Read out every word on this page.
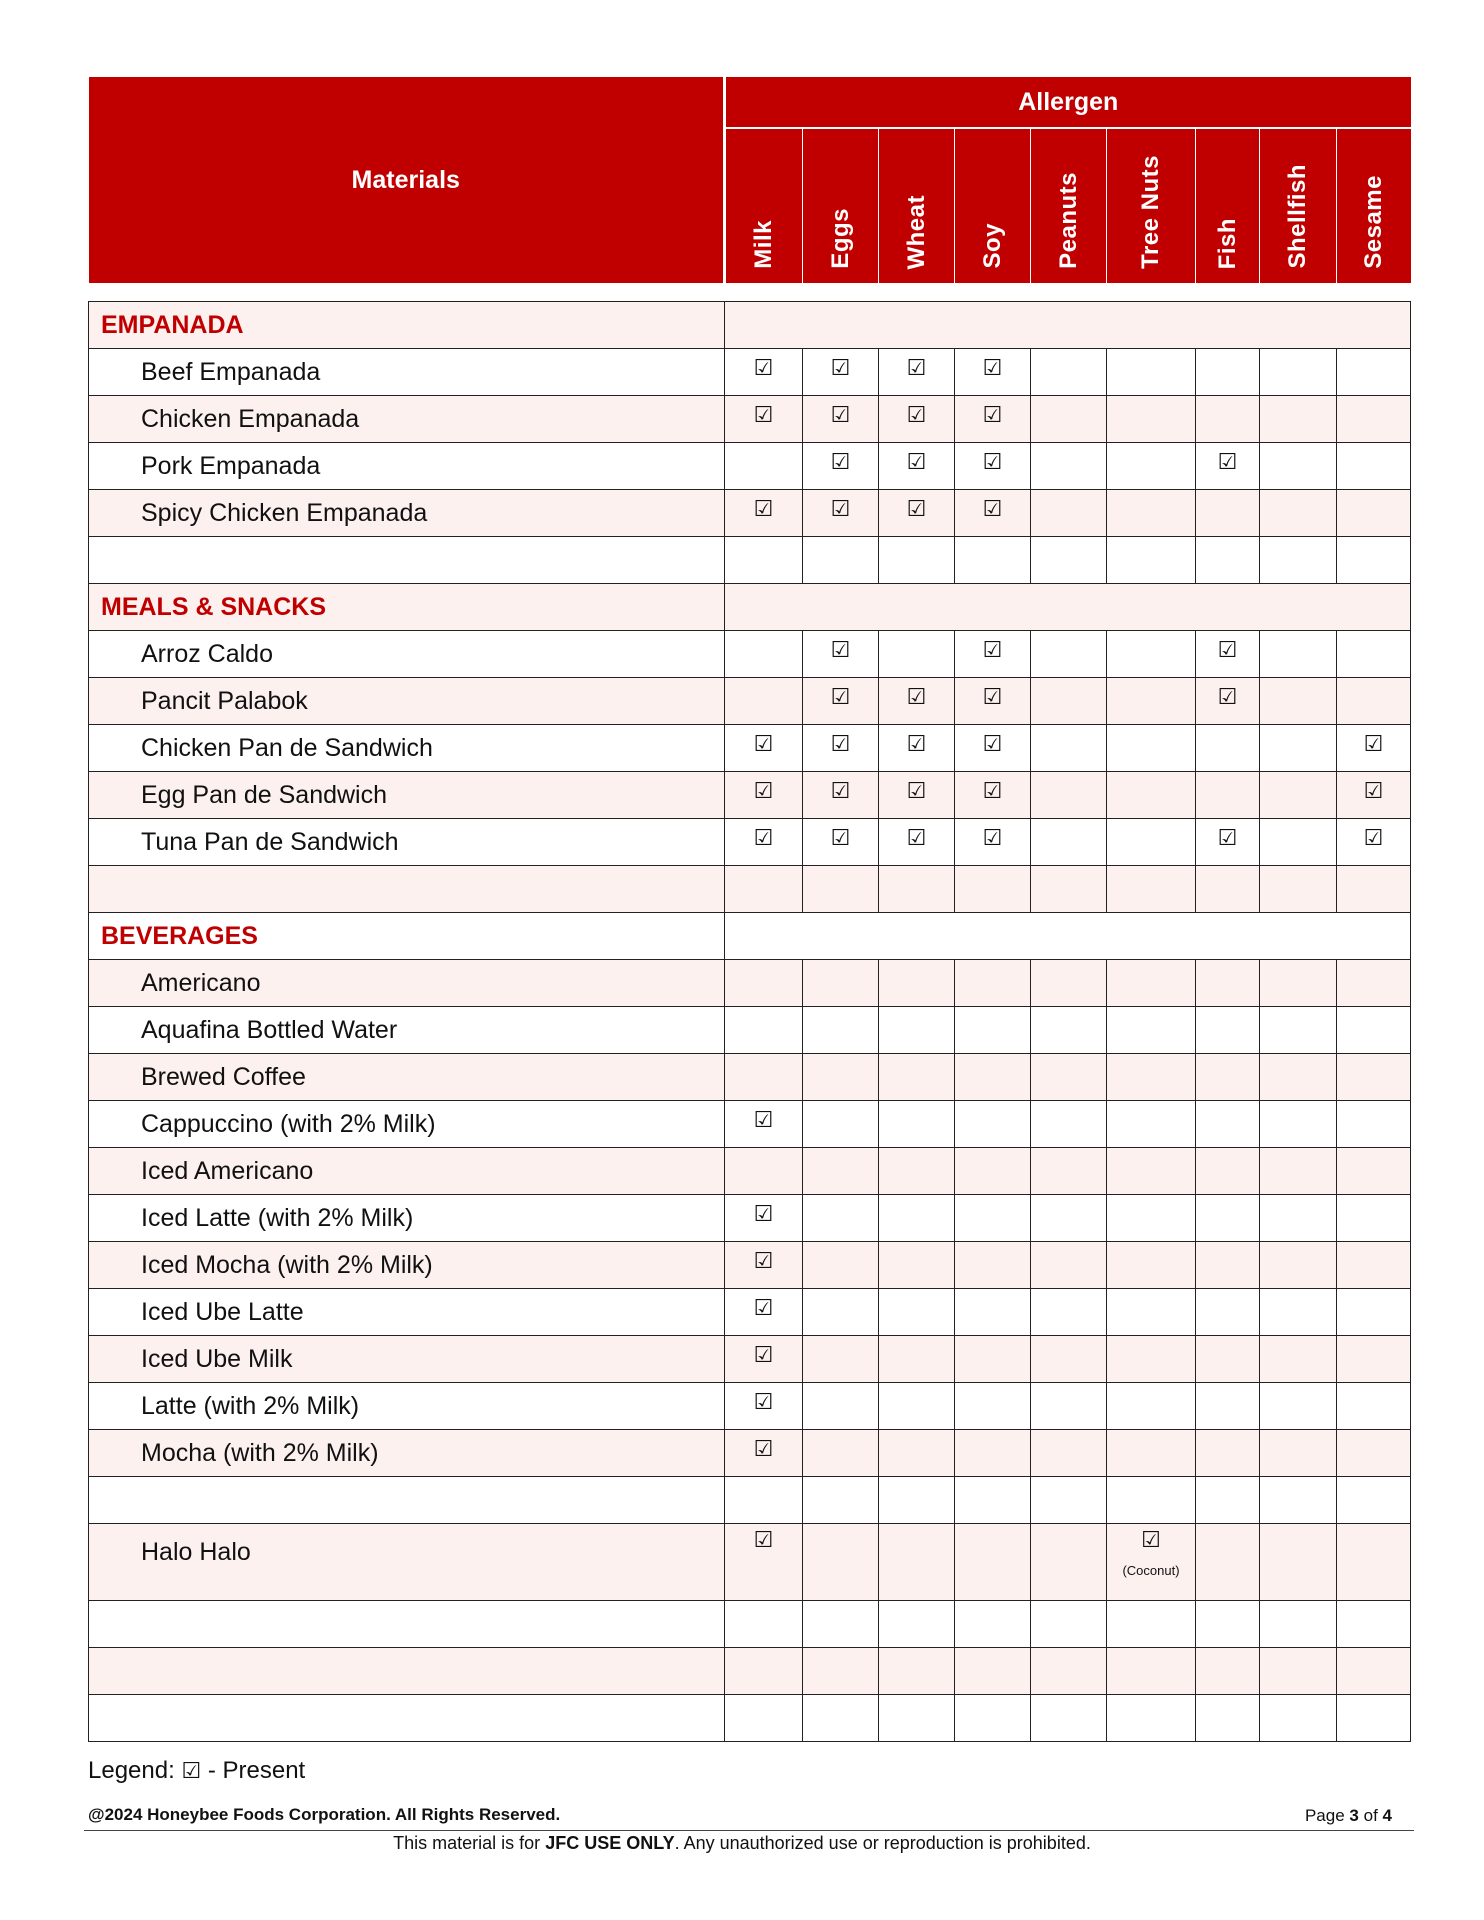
Materials	Allergen								

	Milk	Eggs	Wheat	Soy	Peanuts	Tree Nuts	Fish	Shellfish	Sesame

EMPANADA									
Beef Empanada	☑	☑	☑	☑					
Chicken Empanada	☑	☑	☑	☑					
Pork Empanada		☑	☑	☑			☑		
Spicy Chicken Empanada	☑	☑	☑	☑					

MEALS & SNACKS									
Arroz Caldo		☑		☑			☑		
Pancit Palabok		☑	☑	☑			☑		
Chicken Pan de Sandwich	☑	☑	☑	☑					☑
Egg Pan de Sandwich	☑	☑	☑	☑					☑
Tuna Pan de Sandwich	☑	☑	☑	☑			☑		☑

BEVERAGES									
Americano									
Aquafina Bottled Water									
Brewed Coffee									
Cappuccino (with 2% Milk)	☑								
Iced Americano									
Iced Latte (with 2% Milk)	☑								
Iced Mocha (with 2% Milk)	☑								
Iced Ube Latte	☑								
Iced Ube Milk	☑								
Latte (with 2% Milk)	☑								
Mocha (with 2% Milk)	☑								

Halo Halo	☑					☑
(Coconut)			

Legend: ☑ - Present
@2024 Honeybee Foods Corporation. All Rights Reserved.	Page 3 of 4
This material is for JFC USE ONLY. Any unauthorized use or reproduction is prohibited.
